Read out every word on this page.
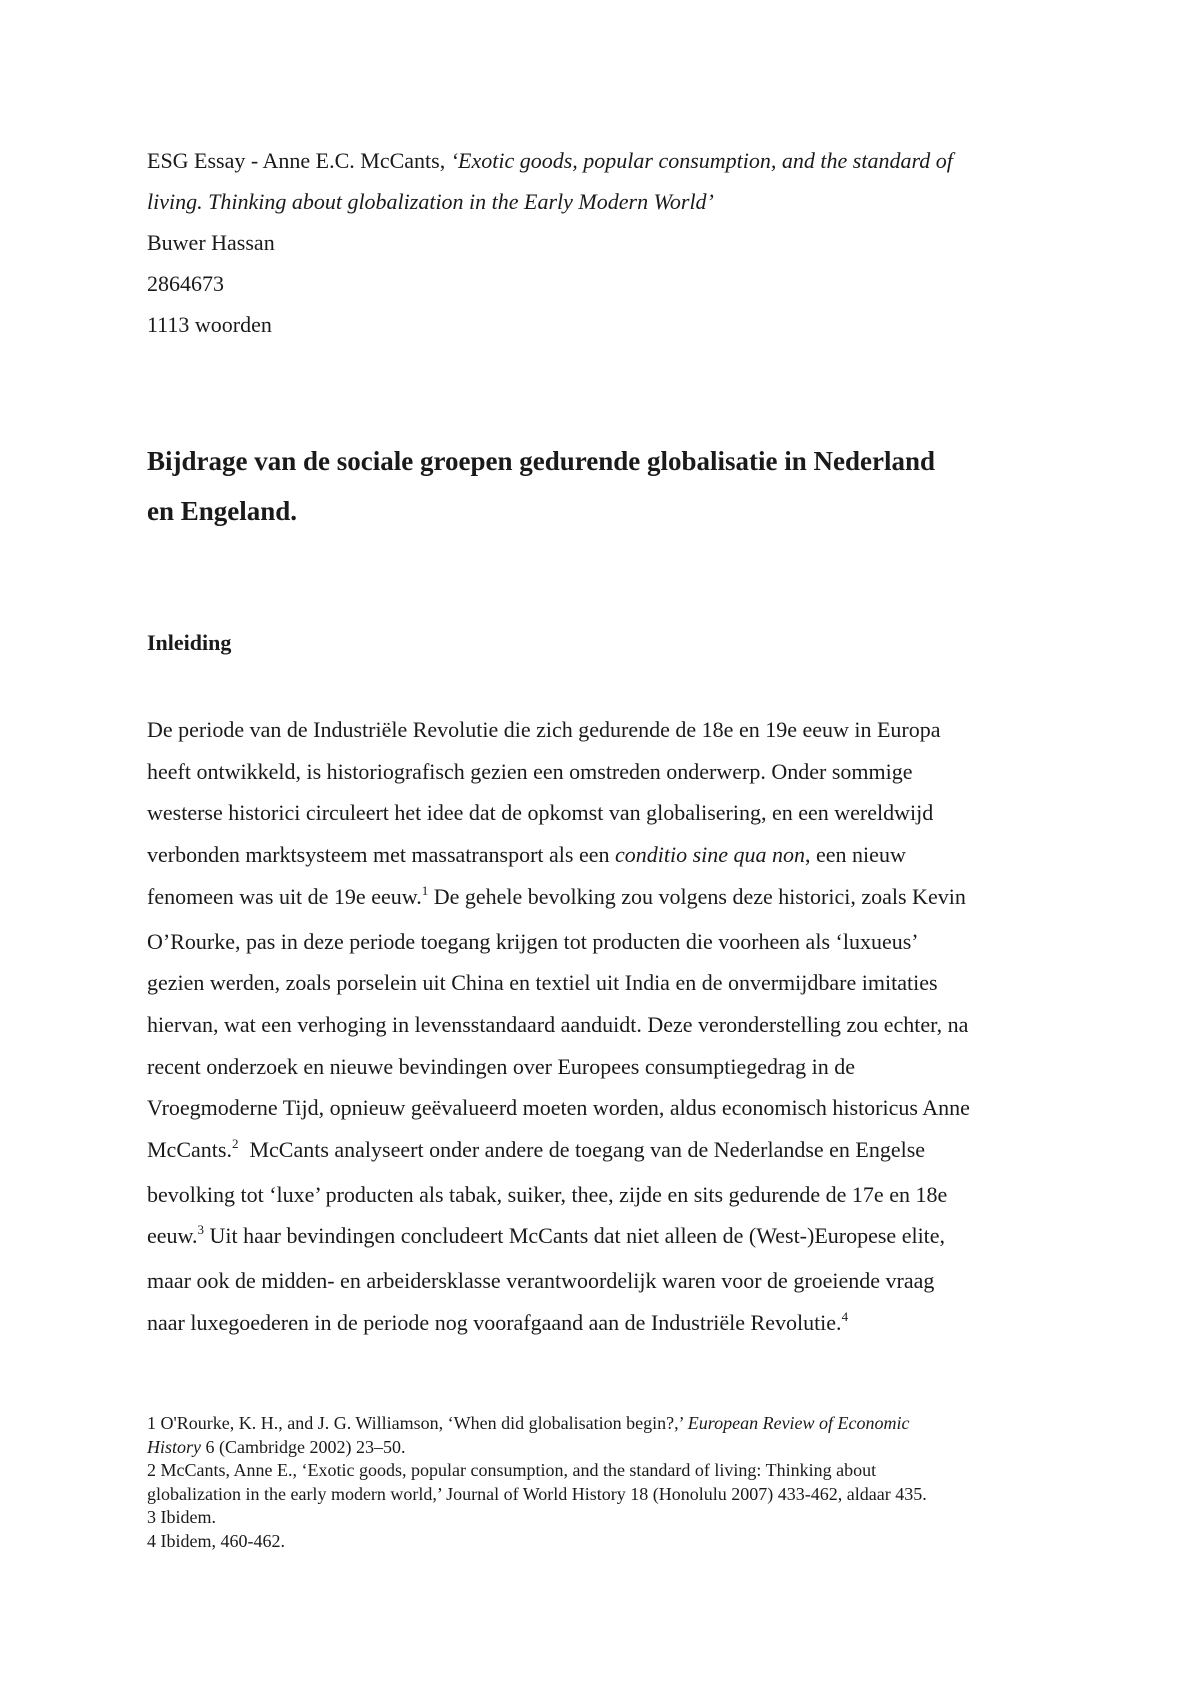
ESG Essay - Anne E.C. McCants, ‘Exotic goods, popular consumption, and the standard of
living. Thinking about globalization in the Early Modern World’
Buwer Hassan
2864673
1113 woorden
Bijdrage van de sociale groepen gedurende globalisatie in Nederland
en Engeland.
Inleiding
De periode van de Industriële Revolutie die zich gedurende de 18e en 19e eeuw in Europa
heeft ontwikkeld, is historiografisch gezien een omstreden onderwerp. Onder sommige
westerse historici circuleert het idee dat de opkomst van globalisering, en een wereldwijd
verbonden marktsysteem met massatransport als een conditio sine qua non, een nieuw
fenomeen was uit de 19e eeuw.$^1$ De gehele bevolking zou volgens deze historici, zoals Kevin
O’Rourke, pas in deze periode toegang krijgen tot producten die voorheen als ‘luxueus’
gezien werden, zoals porselein uit China en textiel uit India en de onvermijdbare imitaties
hiervan, wat een verhoging in levensstandaard aanduidt. Deze veronderstelling zou echter, na
recent onderzoek en nieuwe bevindingen over Europees consumptiegedrag in de
Vroegmoderne Tijd, opnieuw geëvalueerd moeten worden, aldus economisch historicus Anne
McCants.$^2$  McCants analyseert onder andere de toegang van de Nederlandse en Engelse
bevolking tot ‘luxe’ producten als tabak, suiker, thee, zijde en sits gedurende de 17e en 18e
eeuw.$^3$ Uit haar bevindingen concludeert McCants dat niet alleen de (West-)Europese elite,
maar ook de midden- en arbeidersklasse verantwoordelijk waren voor de groeiende vraag
naar luxegoederen in de periode nog voorafgaand aan de Industriële Revolutie.$^4$
1 O'Rourke, K. H., and J. G. Williamson, ‘When did globalisation begin?,’ European Review of Economic
History 6 (Cambridge 2002) 23–50.
2 McCants, Anne E., ‘Exotic goods, popular consumption, and the standard of living: Thinking about
globalization in the early modern world,’ Journal of World History 18 (Honolulu 2007) 433-462, aldaar 435.
3 Ibidem.
4 Ibidem, 460-462.
